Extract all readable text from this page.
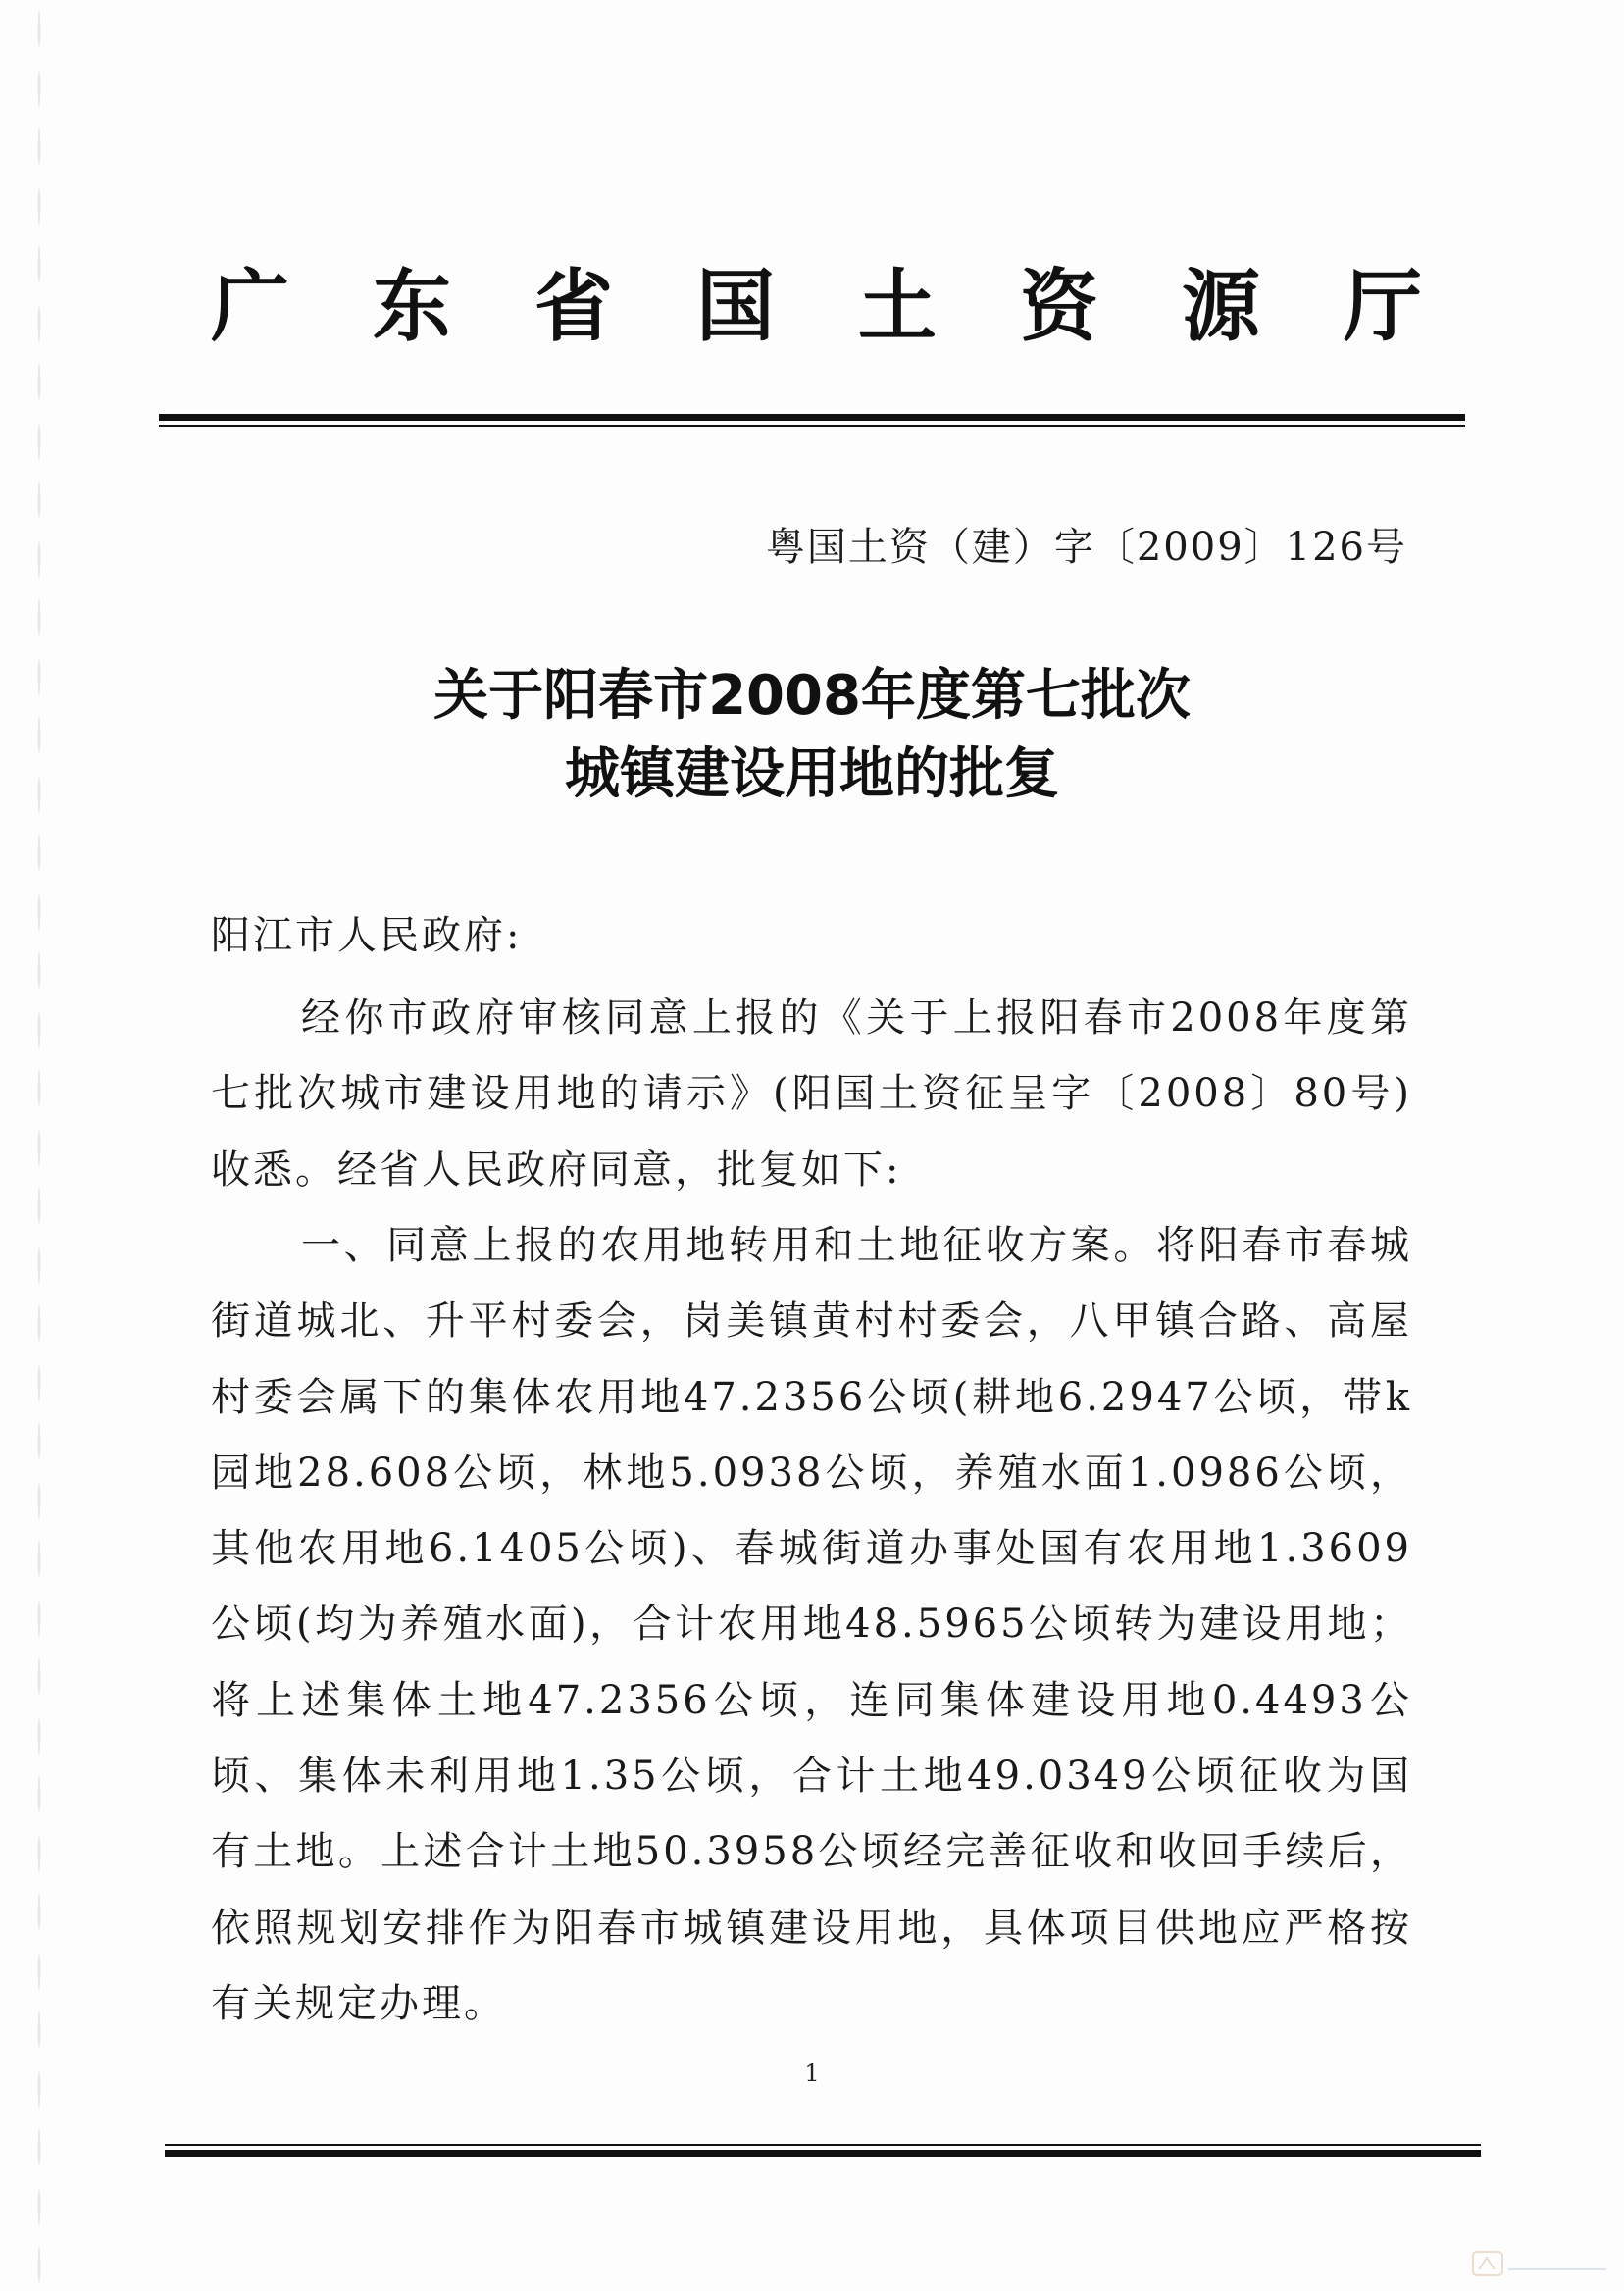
广 东 省 国 土 资 源 厅
粤国土资（建）字〔2009〕126号
关于阳春市2008年度第七批次
城镇建设用地的批复
阳江市人民政府:
经你市政府审核同意上报的《关于上报阳春市2008年度第七批次城市建设用地的请示》(阳国土资征呈字〔2008〕80号)收悉。经省人民政府同意，批复如下:
一、同意上报的农用地转用和土地征收方案。将阳春市春城街道城北、升平村委会，岗美镇黄村村委会，八甲镇合路、高屋村委会属下的集体农用地47.2356公顷(耕地6.2947公顷，带k园地28.608公顷，林地5.0938公顷，养殖水面1.0986公顷，其他农用地6.1405公顷)、春城街道办事处国有农用地1.3609公顷(均为养殖水面)，合计农用地48.5965公顷转为建设用地；将上述集体土地47.2356公顷，连同集体建设用地0.4493公顷、集体未利用地1.35公顷，合计土地49.0349公顷征收为国有土地。上述合计土地50.3958公顷经完善征收和收回手续后，依照规划安排作为阳春市城镇建设用地，具体项目供地应严格按有关规定办理。
1
